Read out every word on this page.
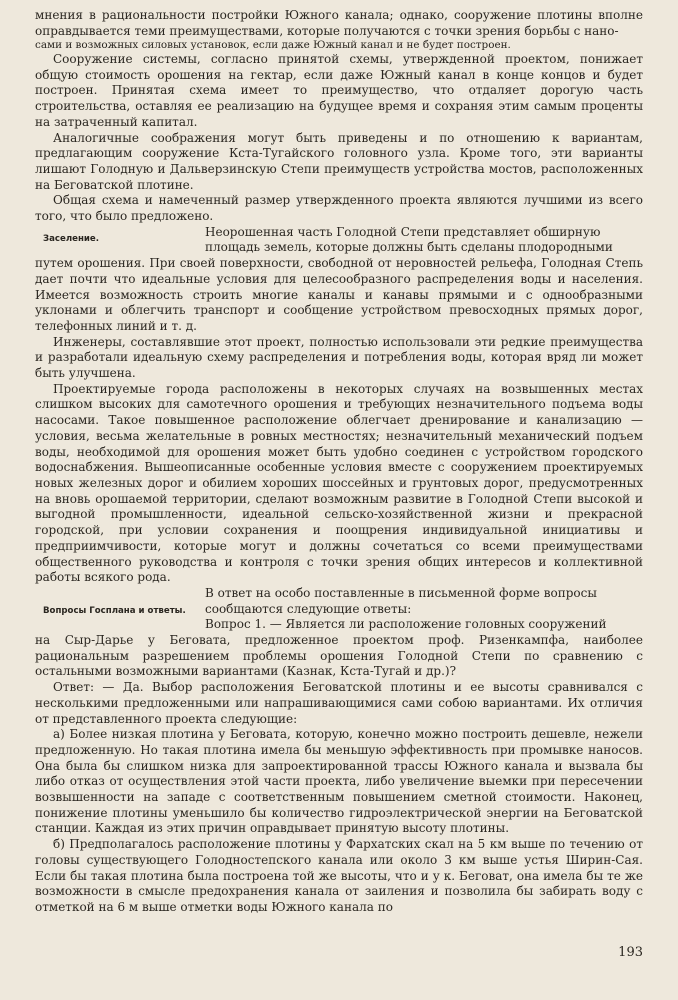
мнения в рациональности постройки Южного канала; однако, сооружение плотины вполне оправдывается теми преимуществами, которые получаются с точки зрения борьбы с нано-

сами и возможных силовых установок, если даже Южный канал и не будет построен.

Сооружение системы, согласно принятой схемы, утвержденной проектом, понижает общую стоимость орошения на гектар, если даже Южный канал в конце концов и будет построен. Принятая схема имеет то преимущество, что отдаляет дорогую часть строительства, оставляя ее реализацию на будущее время и сохраняя этим самым проценты на затраченный капитал.

Аналогичные соображения могут быть приведены и по отношению к вариантам, предлагающим сооружение Кста-Тугайского головного узла. Кроме того, эти варианты лишают Голодную и Дальверзинскую Степи преимуществ устройства мостов, расположенных на Беговатской плотине.

Общая схема и намеченный размер утвержденного проекта являются лучшими из всего того, что было предложено.

Заселение.	Неорошенная часть Голодной Степи представляет обширную

площадь земель, которые должны быть сделаны плодородными

путем орошения. При своей поверхности, свободной от неровностей рельефа, Голодная Степь дает почти что идеальные условия для целесообразного распределения воды и населения. Имеется возможность строить многие каналы и канавы прямыми и с однообразными уклонами и облегчить транспорт и сообщение устройством превосходных прямых дорог, телефонных линий и т. д.

Инженеры, составлявшие этот проект, полностью использовали эти редкие преимущества и разработали идеальную схему распределения и потребления воды, которая вряд ли может быть улучшена.

Проектируемые города расположены в некоторых случаях на возвышенных местах слишком высоких для самотечного орошения и требующих незначительного подъема воды насосами. Такое повышенное расположение облегчает дренирование и канализацию — условия, весьма желательные в ровных местностях; незначительный механический подъем воды, необходимой для орошения может быть удобно соединен с устройством городского водоснабжения. Вышеописанные особенные условия вместе с сооружением проектируемых новых железных дорог и обилием хороших шоссейных и грунтовых дорог, предусмотренных на вновь орошаемой территории, сделают возможным развитие в Голодной Степи высокой и выгодной промышленности, идеальной сельско-хозяйственной жизни и прекрасной городской, при условии сохранения и поощрения индивидуальной инициативы и предприимчивости, которые могут и должны сочетаться со всеми преимуществами общественного руководства и контроля с точки зрения общих интересов и коллективной работы всякого рода.

Вопросы Госплана и ответы.

В ответ на особо поставленные в письменной форме вопросы

сообщаются следующие ответы:

Вопрос 1. — Является ли расположение головных сооружений

на Сыр-Дарье у Беговата, предложенное проектом проф. Ризенкампфа, наиболее рациональным разрешением проблемы орошения Голодной Степи по сравнению с остальными возможными вариантами (Казнак, Кста-Тугай и др.)?

Ответ: — Да. Выбор расположения Беговатской плотины и ее высоты сравнивался с несколькими предложенными или напрашивающимися сами собою вариантами. Их отличия от представленного проекта следующие:

а) Более низкая плотина у Беговата, которую, конечно можно построить дешевле, нежели предложенную. Но такая плотина имела бы меньшую эффективность при промывке наносов. Она была бы слишком низка для запроектированной трассы Южного канала и вызвала бы либо отказ от осуществления этой части проекта, либо увеличение выемки при пересечении возвышенности на западе с соответственным повышением сметной стоимости. Наконец, понижение плотины уменьшило бы количество гидроэлектрической энергии на Беговатской станции. Каждая из этих причин оправдывает принятую высоту плотины.

б) Предполагалось расположение плотины у Фархатских скал на 5 км выше по течению от головы существующего Голодностепского канала или около 3 км выше устья Ширин-Сая. Если бы такая плотина была построена той же высоты, что и у к. Беговат, она имела бы те же возможности в смысле предохранения канала от заиления и позволила бы забирать воду с отметкой на 6 м выше отметки воды Южного канала по

193
